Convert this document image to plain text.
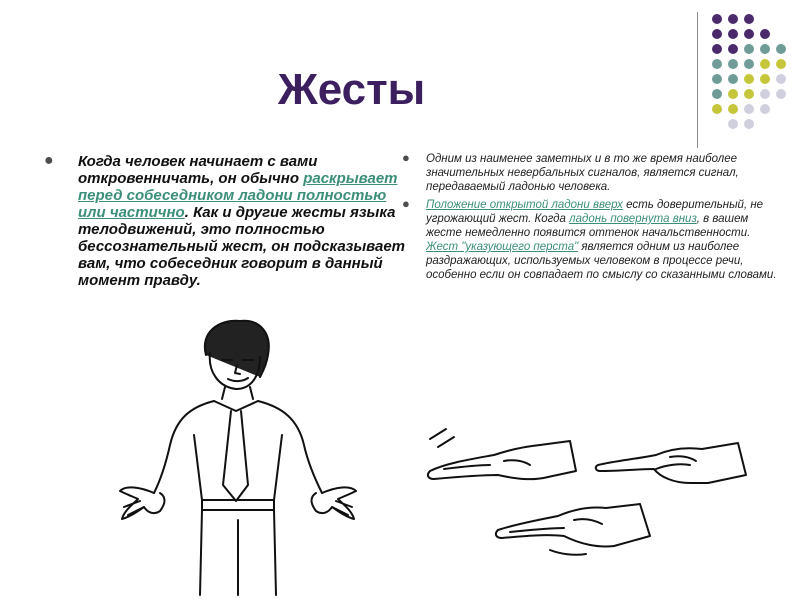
Жесты
● Когда человек начинает с вами откровенничать, он обычно раскрывает перед собеседником ладони полностью или частично. Как и другие жесты языка телодвижений, это полностью бессознательный жест, он подсказывает вам, что собеседник говорит в данный момент правду.

● Одним из наименее заметных и в то же время наиболее значительных невербальных сигналов, является сигнал, передаваемый ладонью человека.

● Положение открытой ладони вверх есть доверительный, не угрожающий жест. Когда ладонь повернута вниз, в вашем жесте немедленно появится оттенок начальственности. Жест "указующего перста" является одним из наиболее раздражающих, используемых человеком в процессе речи, особенно если он совпадает по смыслу со сказанными словами.
